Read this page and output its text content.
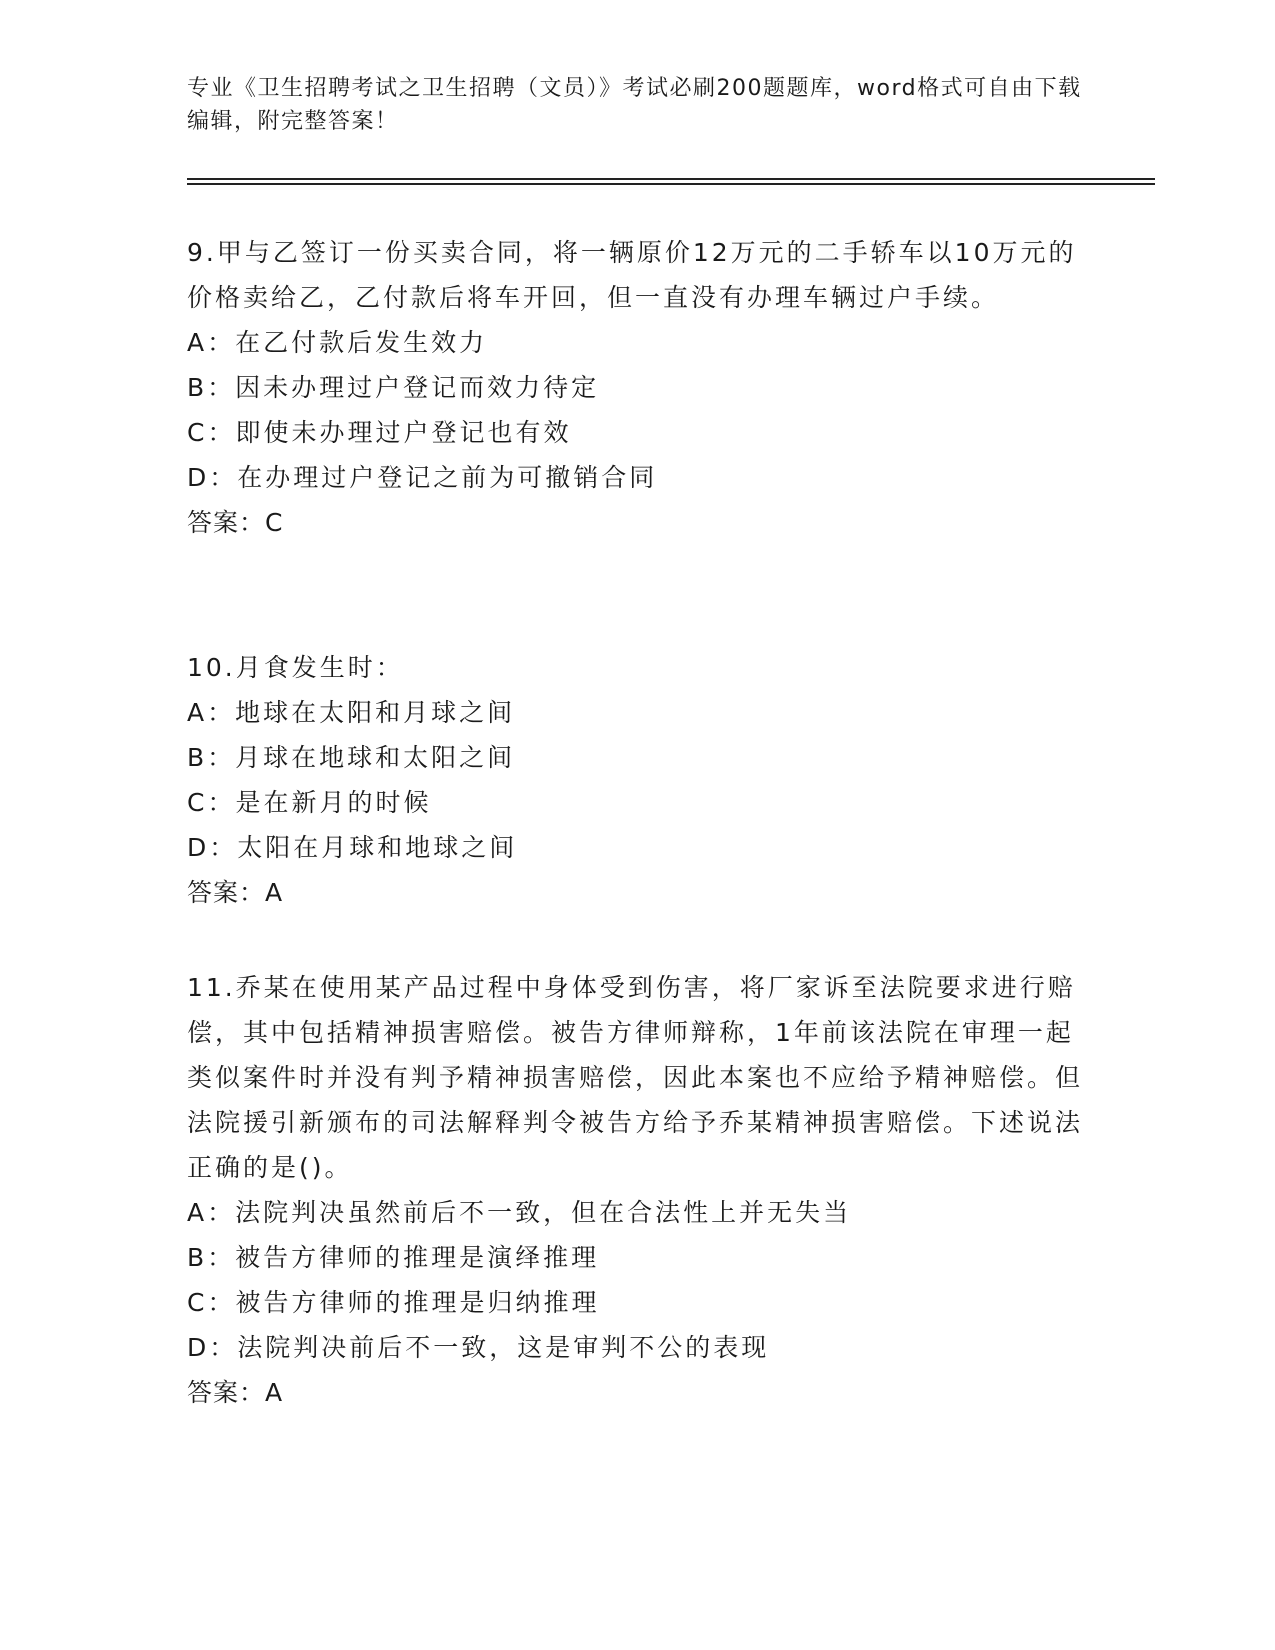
专业《卫生招聘考试之卫生招聘（文员）》考试必刷200题题库，word格式可自由下载编辑，附完整答案！
9.甲与乙签订一份买卖合同，将一辆原价12万元的二手轿车以10万元的价格卖给乙，乙付款后将车开回，但一直没有办理车辆过户手续。
A：在乙付款后发生效力
B：因未办理过户登记而效力待定
C：即使未办理过户登记也有效
D：在办理过户登记之前为可撤销合同
答案：C
10.月食发生时：
A：地球在太阳和月球之间
B：月球在地球和太阳之间
C：是在新月的时候
D：太阳在月球和地球之间
答案：A
11.乔某在使用某产品过程中身体受到伤害，将厂家诉至法院要求进行赔偿，其中包括精神损害赔偿。被告方律师辩称，1年前该法院在审理一起类似案件时并没有判予精神损害赔偿，因此本案也不应给予精神赔偿。但法院援引新颁布的司法解释判令被告方给予乔某精神损害赔偿。下述说法正确的是()。
A：法院判决虽然前后不一致，但在合法性上并无失当
B：被告方律师的推理是演绎推理
C：被告方律师的推理是归纳推理
D：法院判决前后不一致，这是审判不公的表现
答案：A
